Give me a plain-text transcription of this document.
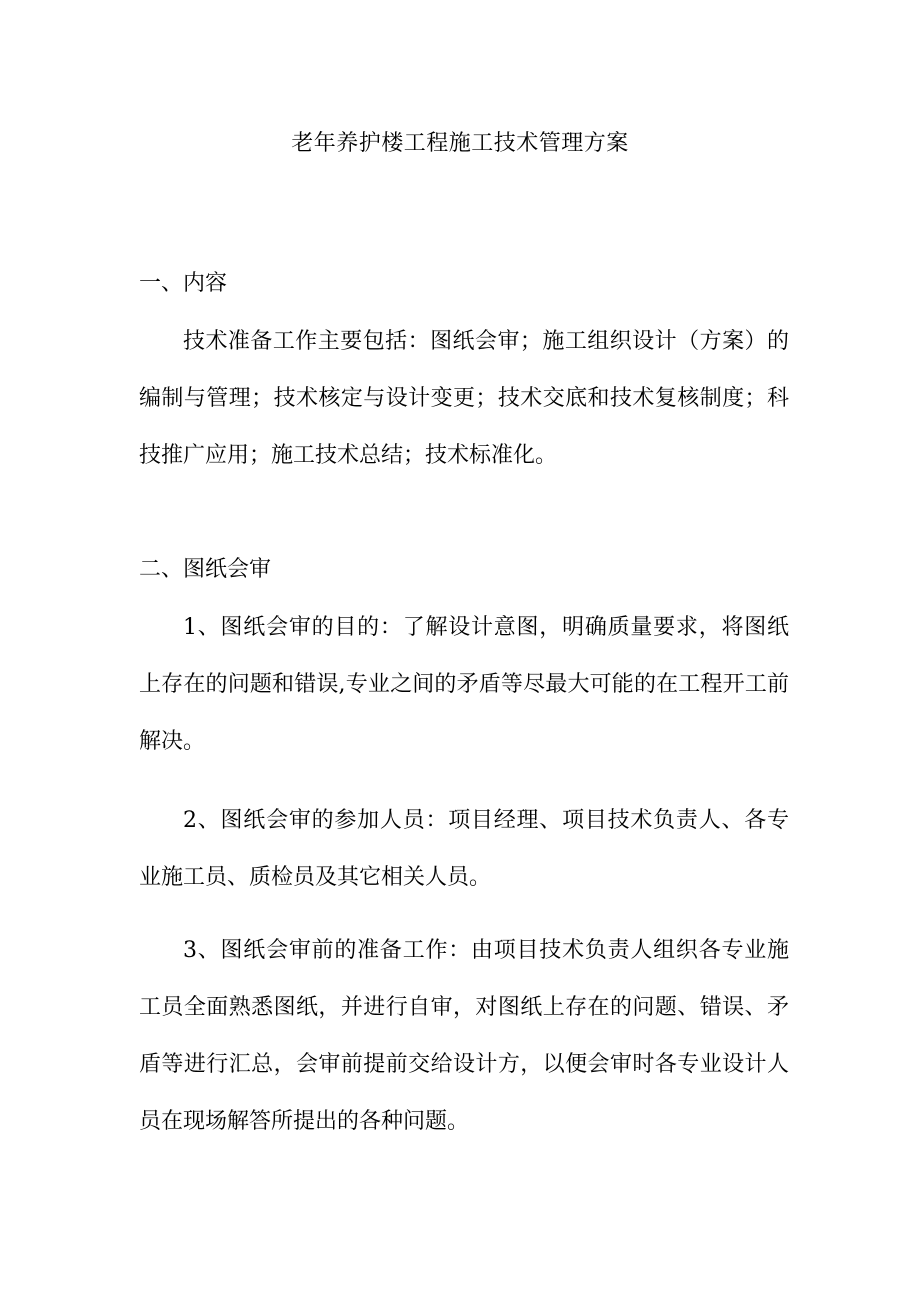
老年养护楼工程施工技术管理方案
一、内容

技术准备工作主要包括：图纸会审；施工组织设计（方案）的编制与管理；技术核定与设计变更；技术交底和技术复核制度；科技推广应用；施工技术总结；技术标准化。

二、图纸会审

1、图纸会审的目的：了解设计意图，明确质量要求，将图纸上存在的问题和错误,专业之间的矛盾等尽最大可能的在工程开工前解决。

2、图纸会审的参加人员：项目经理、项目技术负责人、各专业施工员、质检员及其它相关人员。

3、图纸会审前的准备工作：由项目技术负责人组织各专业施工员全面熟悉图纸，并进行自审，对图纸上存在的问题、错误、矛盾等进行汇总，会审前提前交给设计方，以便会审时各专业设计人员在现场解答所提出的各种问题。
